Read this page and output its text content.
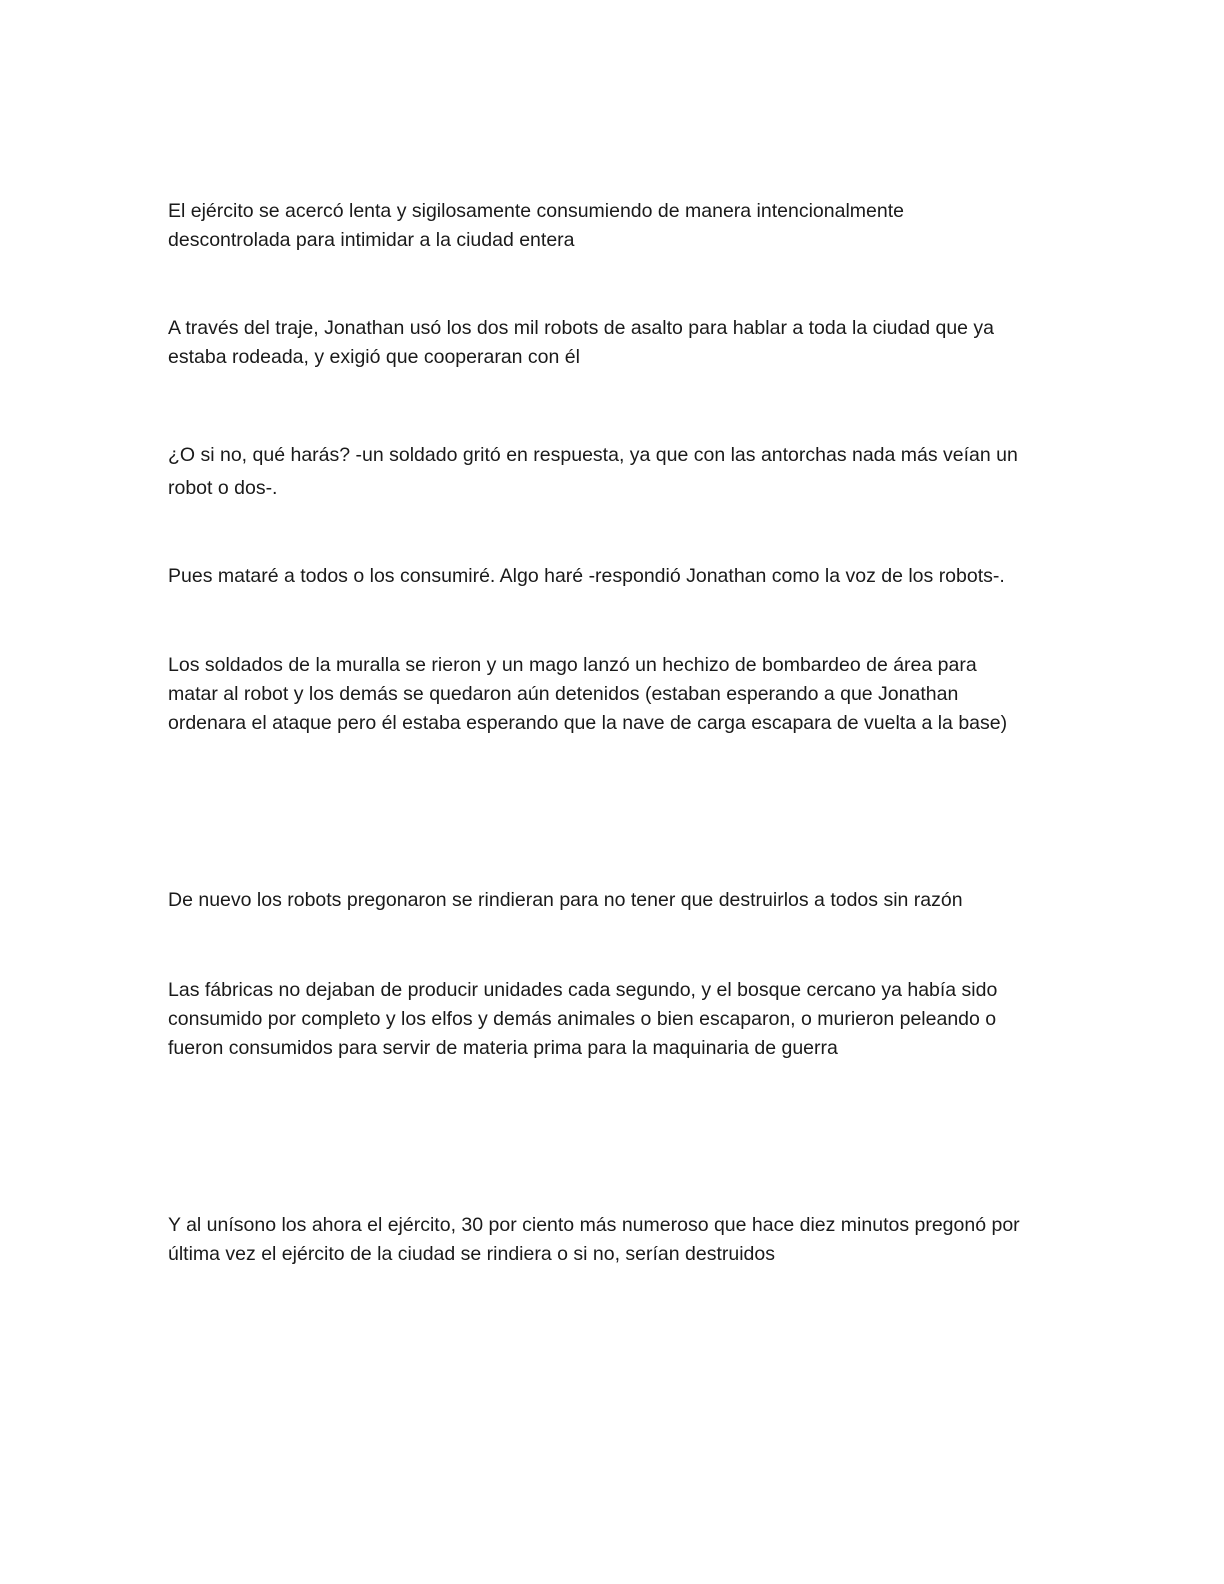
El ejército se acercó lenta y sigilosamente consumiendo de manera intencionalmente
descontrolada para intimidar a la ciudad entera

A través del traje, Jonathan usó los dos mil robots de asalto para hablar a toda la ciudad que ya
estaba rodeada, y exigió que cooperaran con él

¿O si no, qué harás? -un soldado gritó en respuesta, ya que con las antorchas nada más veían un
robot o dos-.

Pues mataré a todos o los consumiré. Algo haré -respondió Jonathan como la voz de los robots-.

Los soldados de la muralla se rieron y un mago lanzó un hechizo de bombardeo de área para
matar al robot y los demás se quedaron aún detenidos (estaban esperando a que Jonathan
ordenara el ataque pero él estaba esperando que la nave de carga escapara de vuelta a la base)

De nuevo los robots pregonaron se rindieran para no tener que destruirlos a todos sin razón

Las fábricas no dejaban de producir unidades cada segundo, y el bosque cercano ya había sido
consumido por completo y los elfos y demás animales o bien escaparon, o murieron peleando o
fueron consumidos para servir de materia prima para la maquinaria de guerra

Y al unísono los ahora el ejército, 30 por ciento más numeroso que hace diez minutos pregonó por
última vez el ejército de la ciudad se rindiera o si no, serían destruidos
